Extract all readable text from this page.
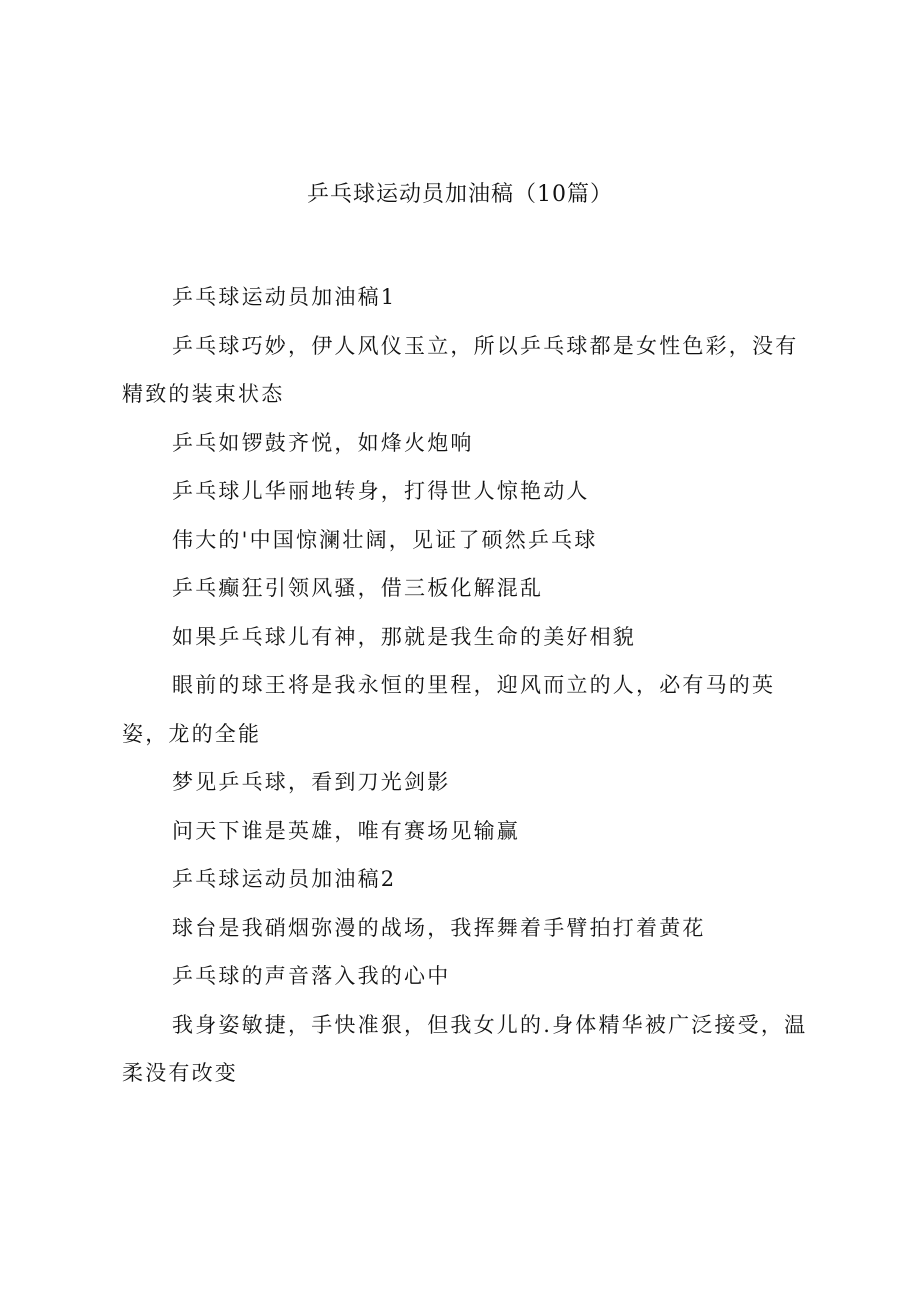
乒乓球运动员加油稿（10篇）

乒乓球运动员加油稿1

乒乓球巧妙，伊人风仪玉立，所以乒乓球都是女性色彩，没有精致的装束状态

乒乓如锣鼓齐悦，如烽火炮响

乒乓球儿华丽地转身，打得世人惊艳动人

伟大的'中国惊澜壮阔，见证了硕然乒乓球

乒乓癫狂引领风骚，借三板化解混乱

如果乒乓球儿有神，那就是我生命的美好相貌

眼前的球王将是我永恒的里程，迎风而立的人，必有马的英姿，龙的全能

梦见乒乓球，看到刀光剑影

问天下谁是英雄，唯有赛场见输赢

乒乓球运动员加油稿2

球台是我硝烟弥漫的战场，我挥舞着手臂拍打着黄花

乒乓球的声音落入我的心中

我身姿敏捷，手快准狠，但我女儿的.身体精华被广泛接受，温柔没有改变
